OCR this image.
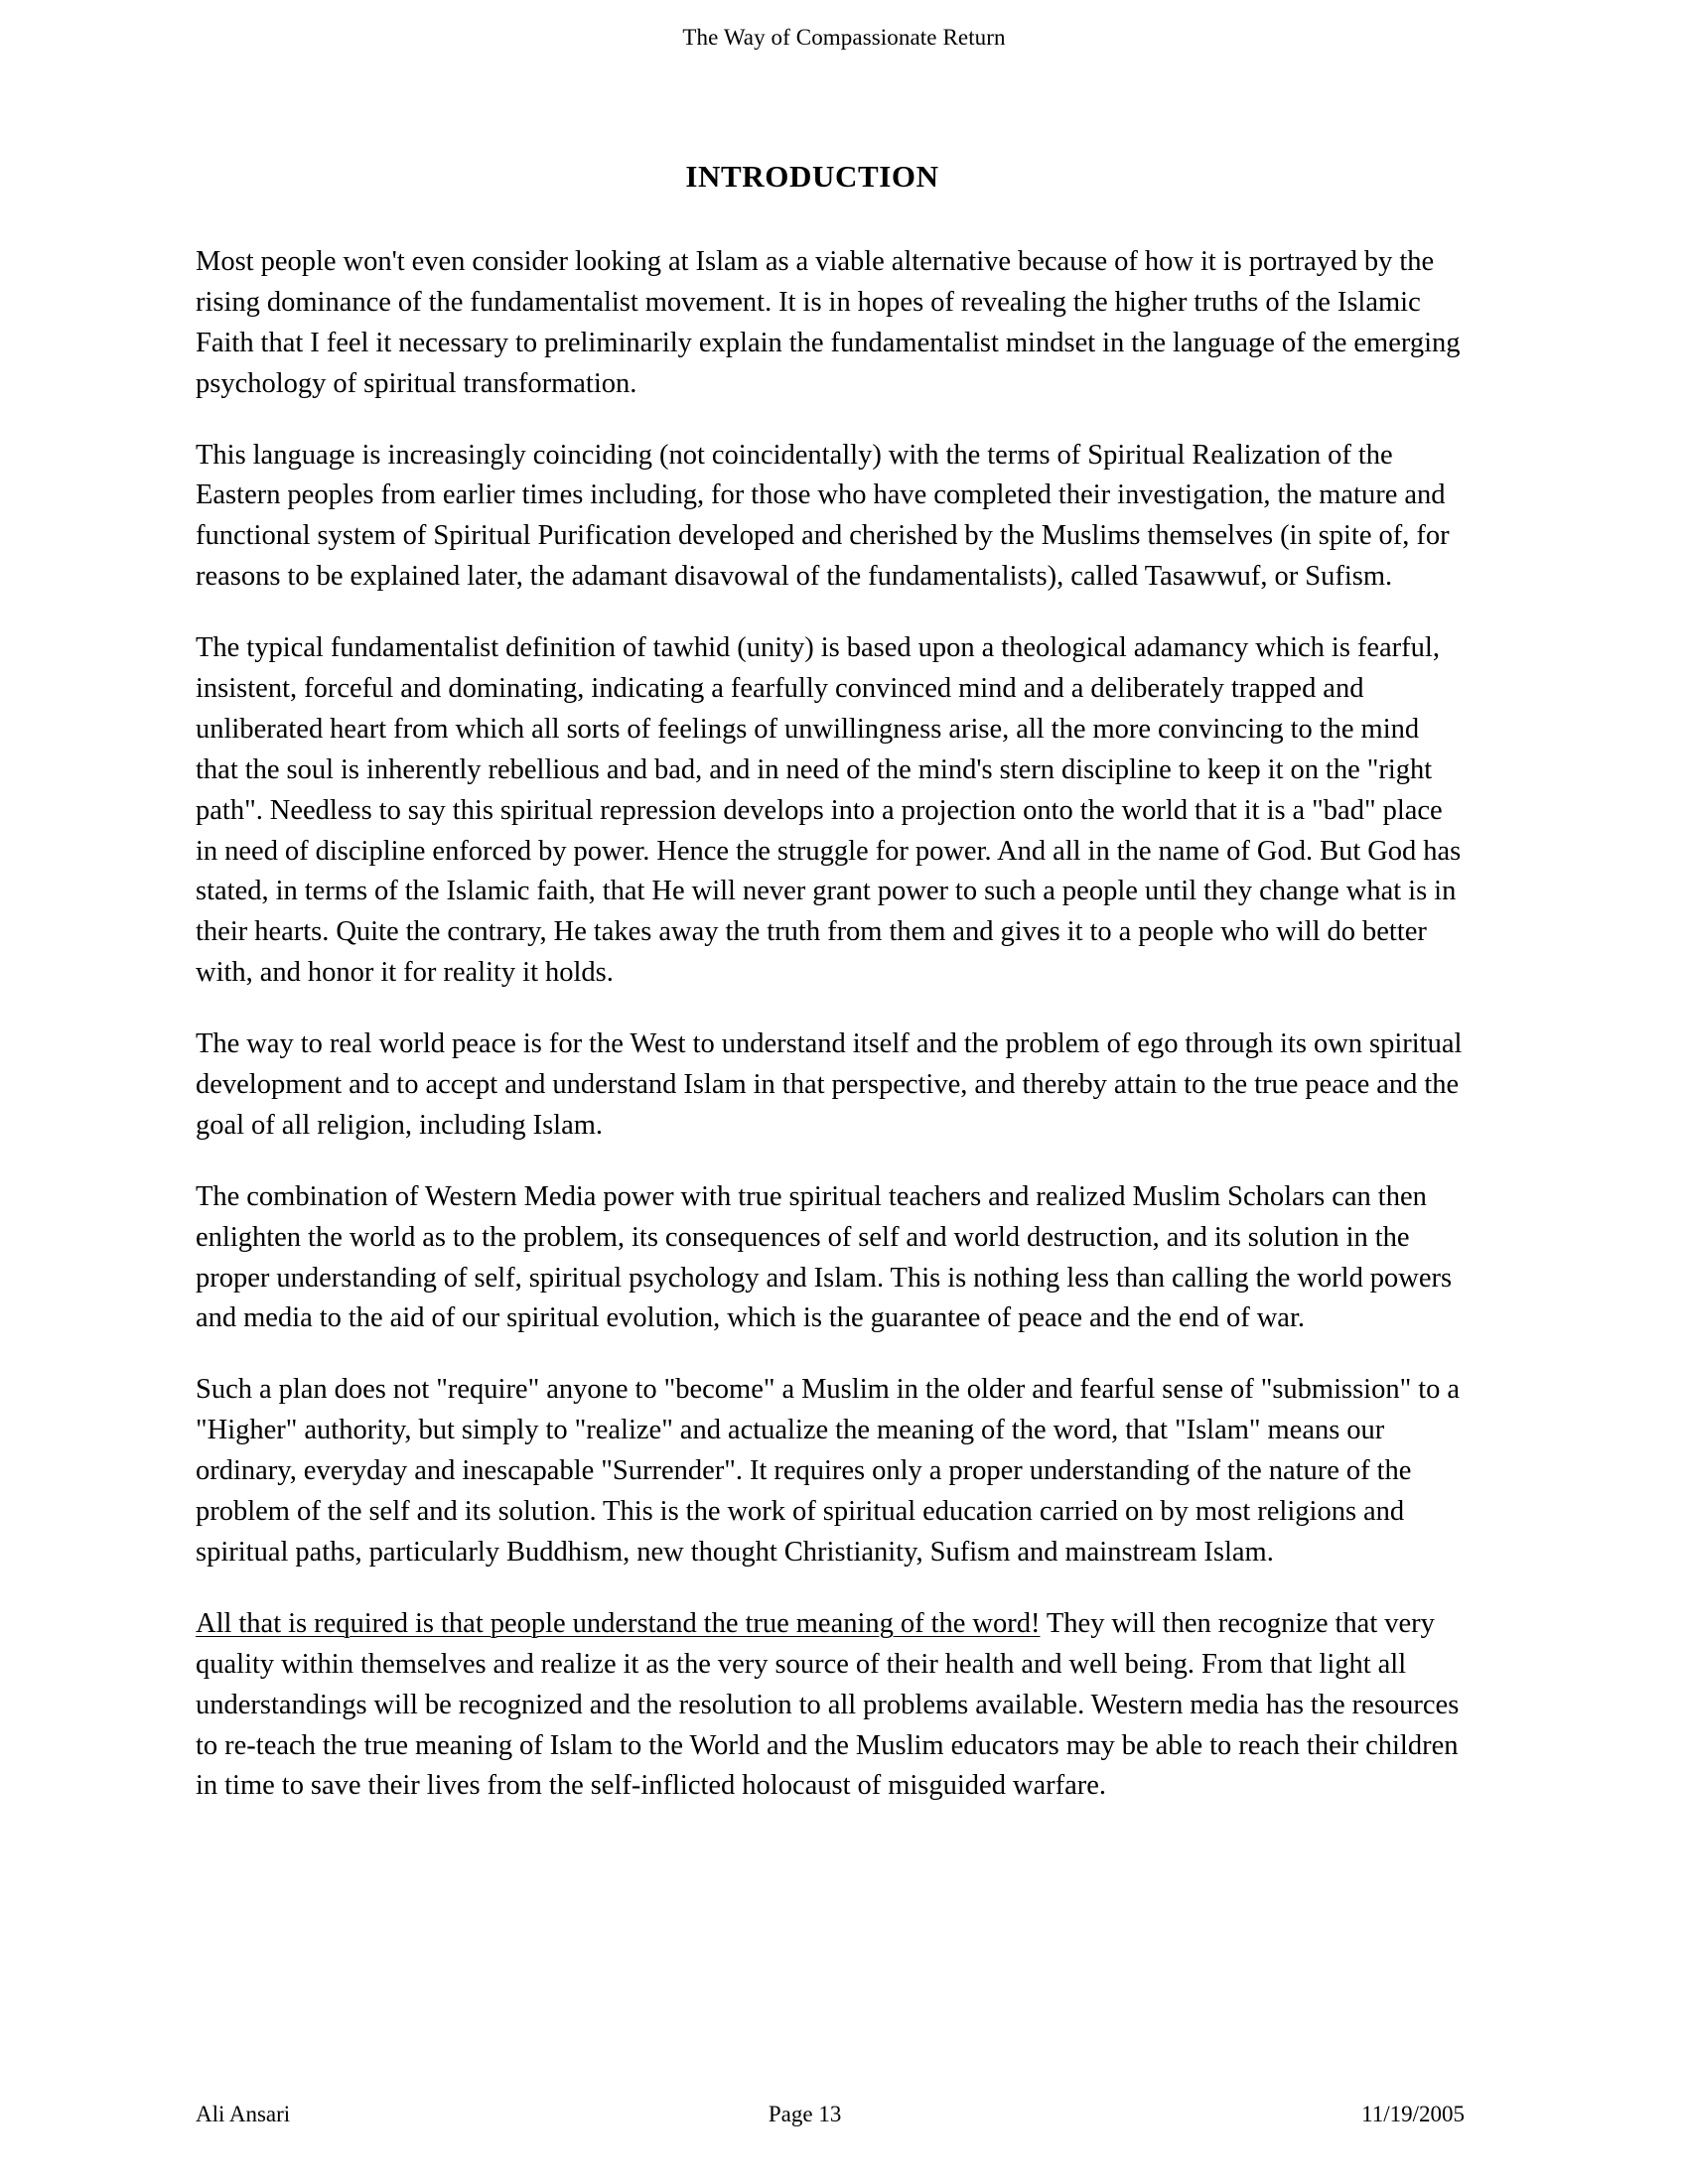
The Way of Compassionate Return
INTRODUCTION

Most people won't even consider looking at Islam as a viable alternative because of how it is portrayed by the rising dominance of the fundamentalist movement. It is in hopes of revealing the higher truths of the Islamic Faith that I feel it necessary to preliminarily explain the fundamentalist mindset in the language of the emerging psychology of spiritual transformation.

This language is increasingly coinciding (not coincidentally) with the terms of Spiritual Realization of the Eastern peoples from earlier times including, for those who have completed their investigation, the mature and functional system of Spiritual Purification developed and cherished by the Muslims themselves (in spite of, for reasons to be explained later, the adamant disavowal of the fundamentalists), called Tasawwuf, or Sufism.

The typical fundamentalist definition of tawhid (unity) is based upon a theological adamancy which is fearful, insistent, forceful and dominating, indicating a fearfully convinced mind and a deliberately trapped and unliberated heart from which all sorts of feelings of unwillingness arise, all the more convincing to the mind that the soul is inherently rebellious and bad, and in need of the mind's stern discipline to keep it on the "right path". Needless to say this spiritual repression develops into a projection onto the world that it is a "bad" place in need of discipline enforced by power. Hence the struggle for power. And all in the name of God. But God has stated, in terms of the Islamic faith, that He will never grant power to such a people until they change what is in their hearts. Quite the contrary, He takes away the truth from them and gives it to a people who will do better with, and honor it for reality it holds.

The way to real world peace is for the West to understand itself and the problem of ego through its own spiritual development and to accept and understand Islam in that perspective, and thereby attain to the true peace and the goal of all religion, including Islam.

The combination of Western Media power with true spiritual teachers and realized Muslim Scholars can then enlighten the world as to the problem, its consequences of self and world destruction, and its solution in the proper understanding of self, spiritual psychology and Islam. This is nothing less than calling the world powers and media to the aid of our spiritual evolution, which is the guarantee of peace and the end of war.

Such a plan does not "require" anyone to "become" a Muslim in the older and fearful sense of "submission" to a "Higher" authority, but simply to "realize" and actualize the meaning of the word, that "Islam" means our ordinary, everyday and inescapable "Surrender". It requires only a proper understanding of the nature of the problem of the self and its solution. This is the work of spiritual education carried on by most religions and spiritual paths, particularly Buddhism, new thought Christianity, Sufism and mainstream Islam.

All that is required is that people understand the true meaning of the word! They will then recognize that very quality within themselves and realize it as the very source of their health and well being. From that light all understandings will be recognized and the resolution to all problems available. Western media has the resources to re-teach the true meaning of Islam to the World and the Muslim educators may be able to reach their children in time to save their lives from the self-inflicted holocaust of misguided warfare.

Ali Ansari	Page 13	11/19/2005
